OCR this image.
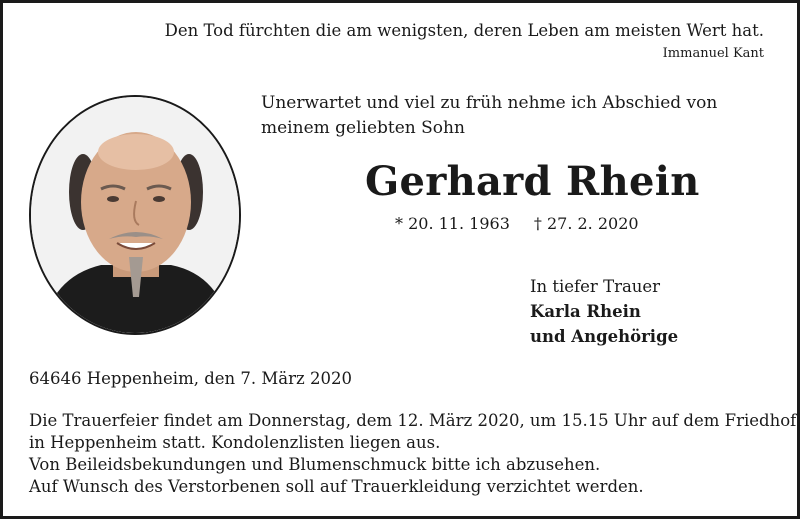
Den Tod fürchten die am wenigsten, deren Leben am meisten Wert hat.
Immanuel Kant
Unerwartet und viel zu früh nehme ich Abschied von
meinem geliebten Sohn
Gerhard Rhein
* 20. 11. 1963 † 27. 2. 2020
In tiefer Trauer
Karla Rhein
und Angehörige
64646 Heppenheim, den 7. März 2020
Die Trauerfeier findet am Donnerstag, dem 12. März 2020, um 15.15 Uhr auf dem Friedhof
in Heppenheim statt. Kondolenzlisten liegen aus.
Von Beileidsbekundungen und Blumenschmuck bitte ich abzusehen.
Auf Wunsch des Verstorbenen soll auf Trauerkleidung verzichtet werden.
